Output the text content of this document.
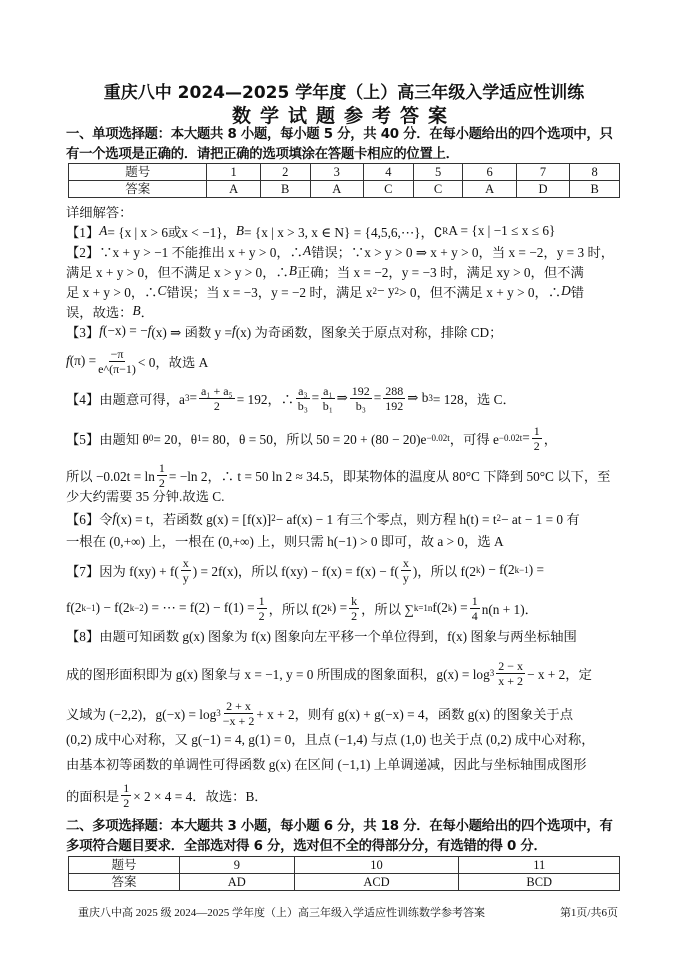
重庆八中 2024—2025 学年度（上）高三年级入学适应性训练
数学试题参考答案
一、单项选择题：本大题共 8 小题，每小题 5 分，共 40 分．在每小题给出的四个选项中，只有一个选项是正确的．请把正确的选项填涂在答题卡相应的位置上．
题号	1	2	3	4	5	6	7	8
答案	A	B	A	C	C	A	D	B
详细解答：
【1】 A = {x | x > 6或x < −1}， B = {x | x > 3, x ∈ N} = {4,5,6,⋯}，∁ R A = {x | −1 ≤ x ≤ 6}
【2】∵x + y > −1 不能推出 x + y > 0，∴ A 错误；∵x > y > 0 ⇒ x + y > 0，当 x = −2，y = 3 时，
满足 x + y > 0，但不满足 x > y > 0，∴ B 正确；当 x = −2，y = −3 时，满足 xy > 0，但不满
足 x + y > 0，∴ C 错误；当 x = −3，y = −2 时，满足 x 2 − y 2 > 0，但不满足 x + y > 0，∴ D 错
误，故选： B ．
【3】 f (−x) = − f (x) ⇒ 函数 y = f (x) 为奇函数，图象关于原点对称，排除 CD；
f $(\pi) = \frac{-\pi}{e\^{}(\pi-1)} < 0$，故选 A
【4】由题意可得，a $3 = \frac{\text{a₁ + a₅}}{2} = 192$，∴ $\frac{\text{a₃}}{\text{b₃}} = \frac{\text{a₁}}{\text{b₁}}$ ⇒ $\frac{192}{\text{b₃}} = \frac{288}{192}$ ⇒ b 3 = 128，选 C．
【5】由题知 θ 0 = 20，θ 1 = 80，θ = 50，所以 50 = 20 + (80 − 20)e −0.02t ，可得 $e -0.02t = \frac{1}{2}$ ，
所以 $-0.02t = \ln \frac{1}{2} = -\ln$ 2，∴ t = 50 ln 2 ≈ 34.5，即某物体的温度从 80°C 下降到 50°C 以下，至
少大约需要 35 分钟.故选 C.
【6】令 f (x) = t，若函数 g(x) = [f(x)] 2 − af(x) − 1 有三个零点，则方程 h(t) = t 2 − at − 1 = 0 有
一根在 (0,+∞) 上，一根在 (0,+∞) 上，则只需 h(−1) > 0 即可，故 a > 0，选 A
【7】因为 $f(xy) + f( \frac{x}{y}$ ) = 2f(x)，所以 $f(xy) - f(x) = f(x) - f( \frac{x}{y}$ )，所以 f(2 k ) − f(2 k−1 ) =
f(2 k−1 ) − f(2 k−2 ) = ⋯ = $f(2) - f(1) = \frac{1}{2}$ ，所以 f(2 k ) = $\frac{k}{2}$ ，所以 ∑ k=1 n f(2 k ) = $\frac{1}{4} n(n + 1)$．
【8】由题可知函数 g(x) 图象为 f(x) 图象向左平移一个单位得到，f(x) 图象与两坐标轴围
成的图形面积即为 g(x) 图象与 x = −1, y = 0 所围成的图象面积，$g(x) = \log 3 \frac{2 - x}{x + 2} - x + 2$，定
义域为 (−2,2)，$g(-x) = \log 3 \frac{2 + x}{-x + 2} + x + 2$，则有 g(x) + g(−x) = 4，函数 g(x) 的图象关于点
(0,2) 成中心对称，又 g(−1) = 4, g(1) = 0，且点 (−1,4) 与点 (1,0) 也关于点 (0,2) 成中心对称，
由基本初等函数的单调性可得函数 g(x) 在区间 (−1,1) 上单调递减，因此与坐标轴围成图形
的面积是 $\frac{1}{2} \times 2 \times 4 = 4$．故选：B．
二、多项选择题：本大题共 3 小题，每小题 6 分，共 18 分．在每小题给出的四个选项中，有多项符合题目要求．全部选对得 6 分，选对但不全的得部分分，有选错的得 0 分．
题号	9	10	11
答案	AD	ACD	BCD
重庆八中高 2025 级 2024—2025 学年度（上）高三年级入学适应性训练数学参考答案	第1页/共6页
